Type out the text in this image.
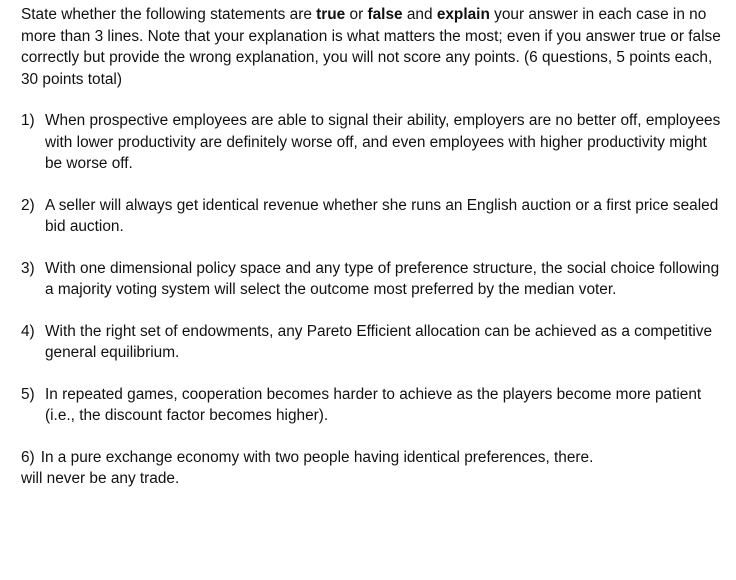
State whether the following statements are true or false and explain your answer in each case in no more than 3 lines. Note that your explanation is what matters the most; even if you answer true or false correctly but provide the wrong explanation, you will not score any points. (6 questions, 5 points each, 30 points total)

1) When prospective employees are able to signal their ability, employers are no better off, employees with lower productivity are definitely worse off, and even employees with higher productivity might be worse off.
2) A seller will always get identical revenue whether she runs an English auction or a first price sealed bid auction.
3) With one dimensional policy space and any type of preference structure, the social choice following a majority voting system will select the outcome most preferred by the median voter.
4) With the right set of endowments, any Pareto Efficient allocation can be achieved as a competitive general equilibrium.
5) In repeated games, cooperation becomes harder to achieve as the players become more patient (i.e., the discount factor becomes higher).
6) In a pure exchange economy with two people having identical preferences, there.
will never be any trade.
